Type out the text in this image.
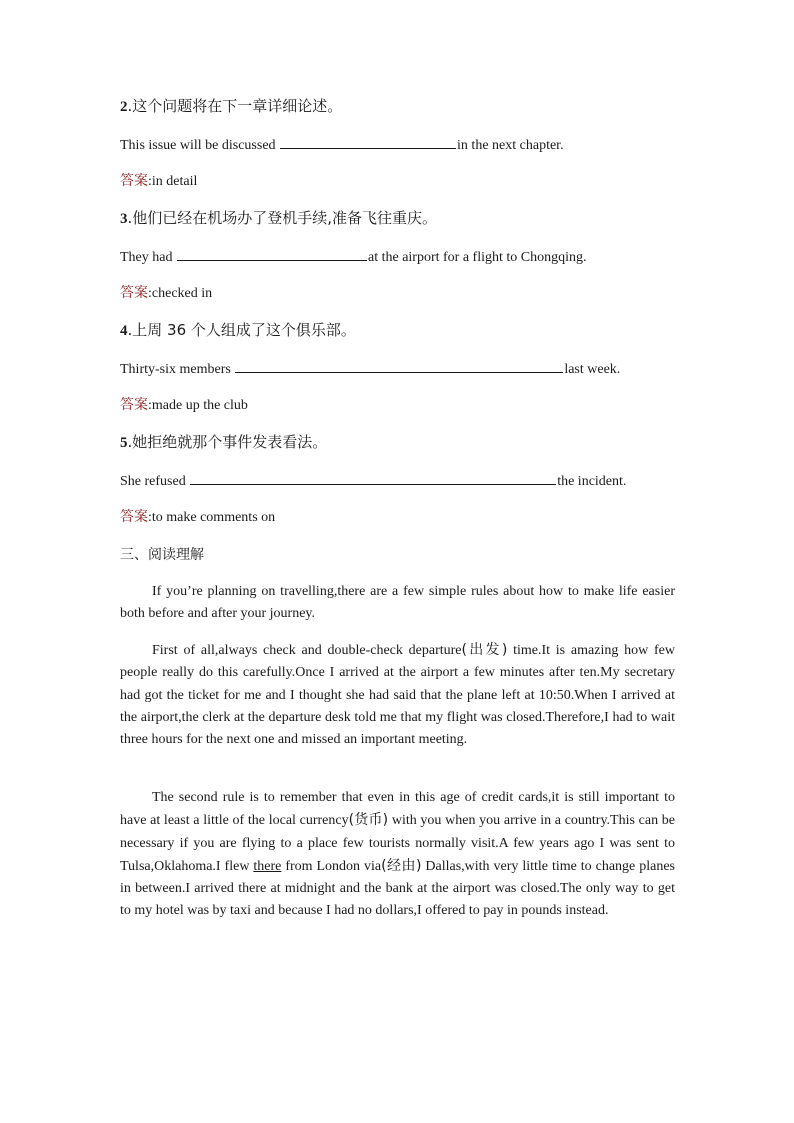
2.这个问题将在下一章详细论述。
This issue will be discussed	in the next chapter.
答案:in detail
3.他们已经在机场办了登机手续,准备飞往重庆。
They had	at the airport for a flight to Chongqing.
答案:checked in
4.上周 36 个人组成了这个俱乐部。
Thirty-six members	last week.
答案:made up the club
5.她拒绝就那个事件发表看法。
She refused	the incident.
答案:to make comments on
三、阅读理解
If you’re planning on travelling,there are a few simple rules about how to make life easier both before and after your journey.
First of all,always check and double-check departure(出发) time.It is amazing how few people really do this carefully.Once I arrived at the airport a few minutes after ten.My secretary had got the ticket for me and I thought she had said that the plane left at 10:50.When I arrived at the airport,the clerk at the departure desk told me that my flight was closed.Therefore,I had to wait three hours for the next one and missed an important meeting.
The second rule is to remember that even in this age of credit cards,it is still important to have at least a little of the local currency(货币) with you when you arrive in a country.This can be necessary if you are flying to a place few tourists normally visit.A few years ago I was sent to Tulsa,Oklahoma.I flew there from London via(经由) Dallas,with very little time to change planes in between.I arrived there at midnight and the bank at the airport was closed.The only way to get to my hotel was by taxi and because I had no dollars,I offered to pay in pounds instead.
